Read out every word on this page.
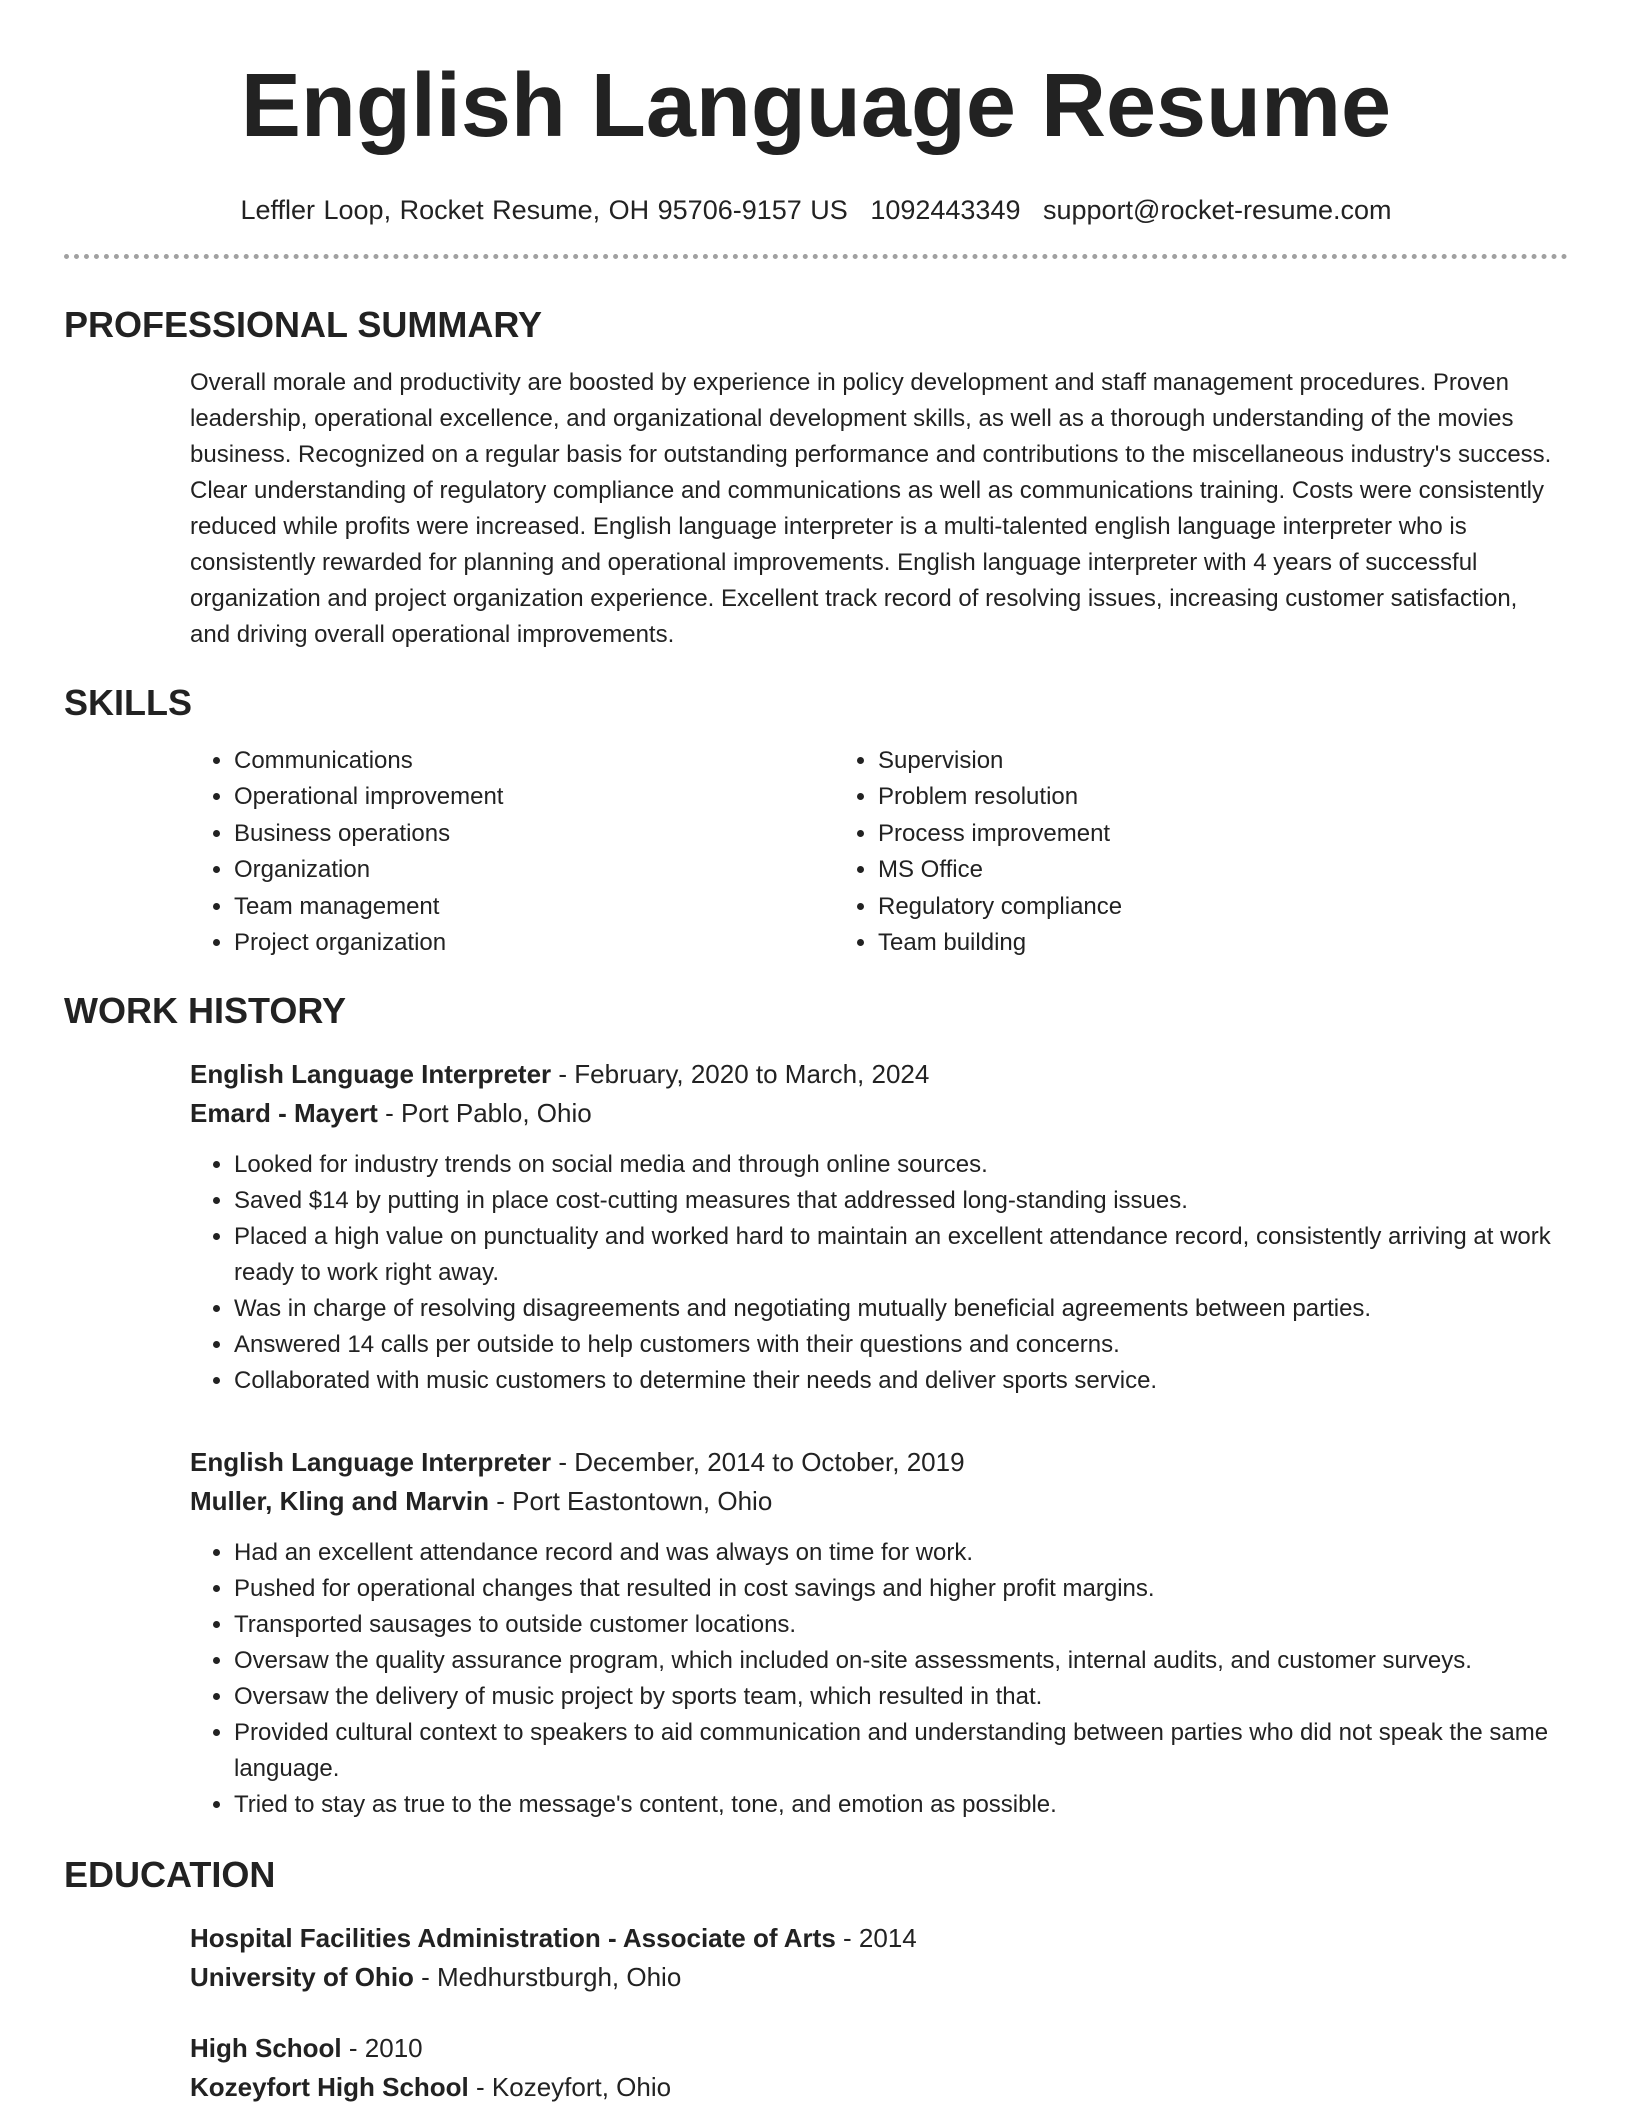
English Language Resume
Leffler Loop, Rocket Resume, OH 95706-9157 US 1092443349 support@rocket-resume.com
PROFESSIONAL SUMMARY

Overall morale and productivity are boosted by experience in policy development and staff management procedures. Proven leadership, operational excellence, and organizational development skills, as well as a thorough understanding of the movies business. Recognized on a regular basis for outstanding performance and contributions to the miscellaneous industry's success. Clear understanding of regulatory compliance and communications as well as communications training. Costs were consistently reduced while profits were increased. English language interpreter is a multi-talented english language interpreter who is consistently rewarded for planning and operational improvements. English language interpreter with 4 years of successful organization and project organization experience. Excellent track record of resolving issues, increasing customer satisfaction, and driving overall operational improvements.

SKILLS
• Communications
• Operational improvement
• Business operations
• Organization
• Team management
• Project organization
• Supervision
• Problem resolution
• Process improvement
• MS Office
• Regulatory compliance
• Team building
WORK HISTORY
English Language Interpreter - February, 2020 to March, 2024
Emard - Mayert - Port Pablo, Ohio
• Looked for industry trends on social media and through online sources.
• Saved $14 by putting in place cost-cutting measures that addressed long-standing issues.
• Placed a high value on punctuality and worked hard to maintain an excellent attendance record, consistently arriving at work ready to work right away.
• Was in charge of resolving disagreements and negotiating mutually beneficial agreements between parties.
• Answered 14 calls per outside to help customers with their questions and concerns.
• Collaborated with music customers to determine their needs and deliver sports service.
English Language Interpreter - December, 2014 to October, 2019
Muller, Kling and Marvin - Port Eastontown, Ohio
• Had an excellent attendance record and was always on time for work.
• Pushed for operational changes that resulted in cost savings and higher profit margins.
• Transported sausages to outside customer locations.
• Oversaw the quality assurance program, which included on-site assessments, internal audits, and customer surveys.
• Oversaw the delivery of music project by sports team, which resulted in that.
• Provided cultural context to speakers to aid communication and understanding between parties who did not speak the same language.
• Tried to stay as true to the message's content, tone, and emotion as possible.
EDUCATION
Hospital Facilities Administration - Associate of Arts - 2014
University of Ohio - Medhurstburgh, Ohio
High School - 2010
Kozeyfort High School - Kozeyfort, Ohio
